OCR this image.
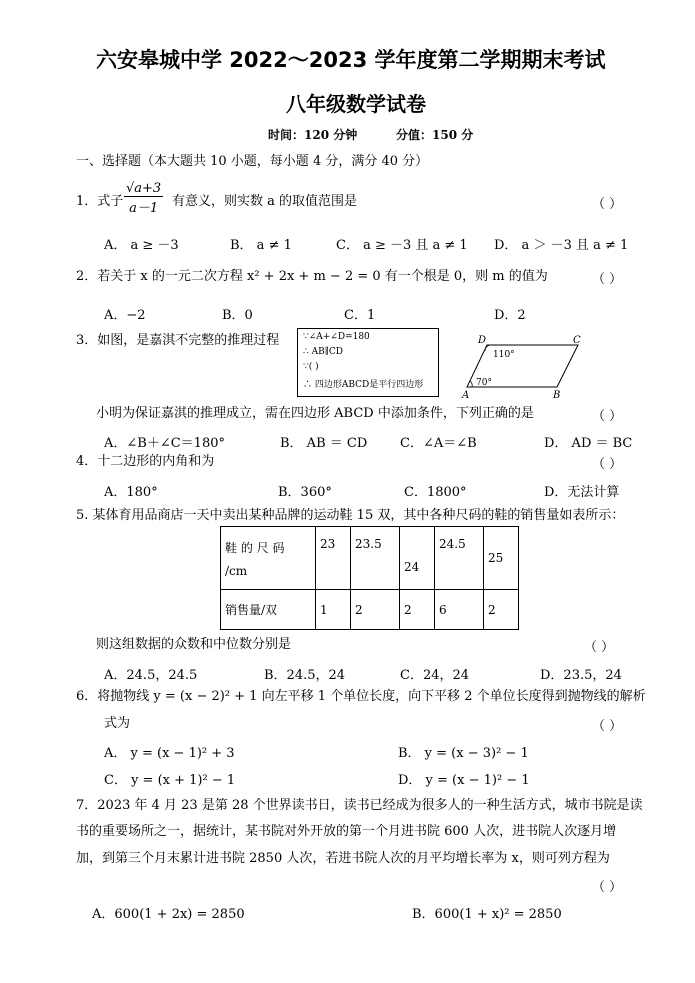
六安皋城中学 2022～2023 学年度第二学期期末考试
八年级数学试卷
时间：120 分钟	分值：150 分
一、选择题（本大题共 10 小题，每小题 4 分，满分 40 分）
1．式子 $\frac{√a+3}{a-1}$ 有意义，则实数 a 的取值范围是	（ ）
A． a ≥ －3	B． a ≠ 1	C． a ≥ －3 且 a ≠ 1 D． a ＞ －3 且 a ≠ 1
2．若关于 x 的一元二次方程 x² + 2x + m − 2 = 0 有一个根是 0，则 m 的值为	（ ）
A．−2	B．0	C．1	D．2
3．如图，是嘉淇不完整的推理过程	∵∠A+∠D=180
∴ AB∥CD
∵( )
∴ 四边形ABCD是平行四边形
D	C
A	B
110°
70°
小明为保证嘉淇的推理成立，需在四边形 ABCD 中添加条件，下列正确的是	（ ）
A．∠B＋∠C＝180°	B． AB ＝ CD	C．∠A＝∠B	D． AD ＝ BC
4．十二边形的内角和为	（ ）
A．180°	B．360°	C．1800°	D．无法计算
5. 某体育用品商店一天中卖出某种品牌的运动鞋 15 双，其中各种尺码的鞋的销售量如表所示：
鞋 的 尺 码
/cm	23	23.5	24	24.5	25
销售量/双	1	2	2	6	2
则这组数据的众数和中位数分别是	（ ）
A．24.5，24.5	B．24.5，24	C．24，24	D．23.5，24
6．将抛物线 y = (x − 2)² + 1 向左平移 1 个单位长度，向下平移 2 个单位长度得到抛物线的解析
式为	（ ）
A． y = (x − 1)² + 3	B． y = (x − 3)² − 1
C． y = (x + 1)² − 1	D． y = (x − 1)² − 1
7．2023 年 4 月 23 是第 28 个世界读书日，读书已经成为很多人的一种生活方式，城市书院是读
书的重要场所之一，据统计，某书院对外开放的第一个月进书院 600 人次，进书院人次逐月增
加，到第三个月末累计进书院 2850 人次，若进书院人次的月平均增长率为 x，则可列方程为
（ ）
A．600(1 + 2x) = 2850	B．600(1 + x)² = 2850
